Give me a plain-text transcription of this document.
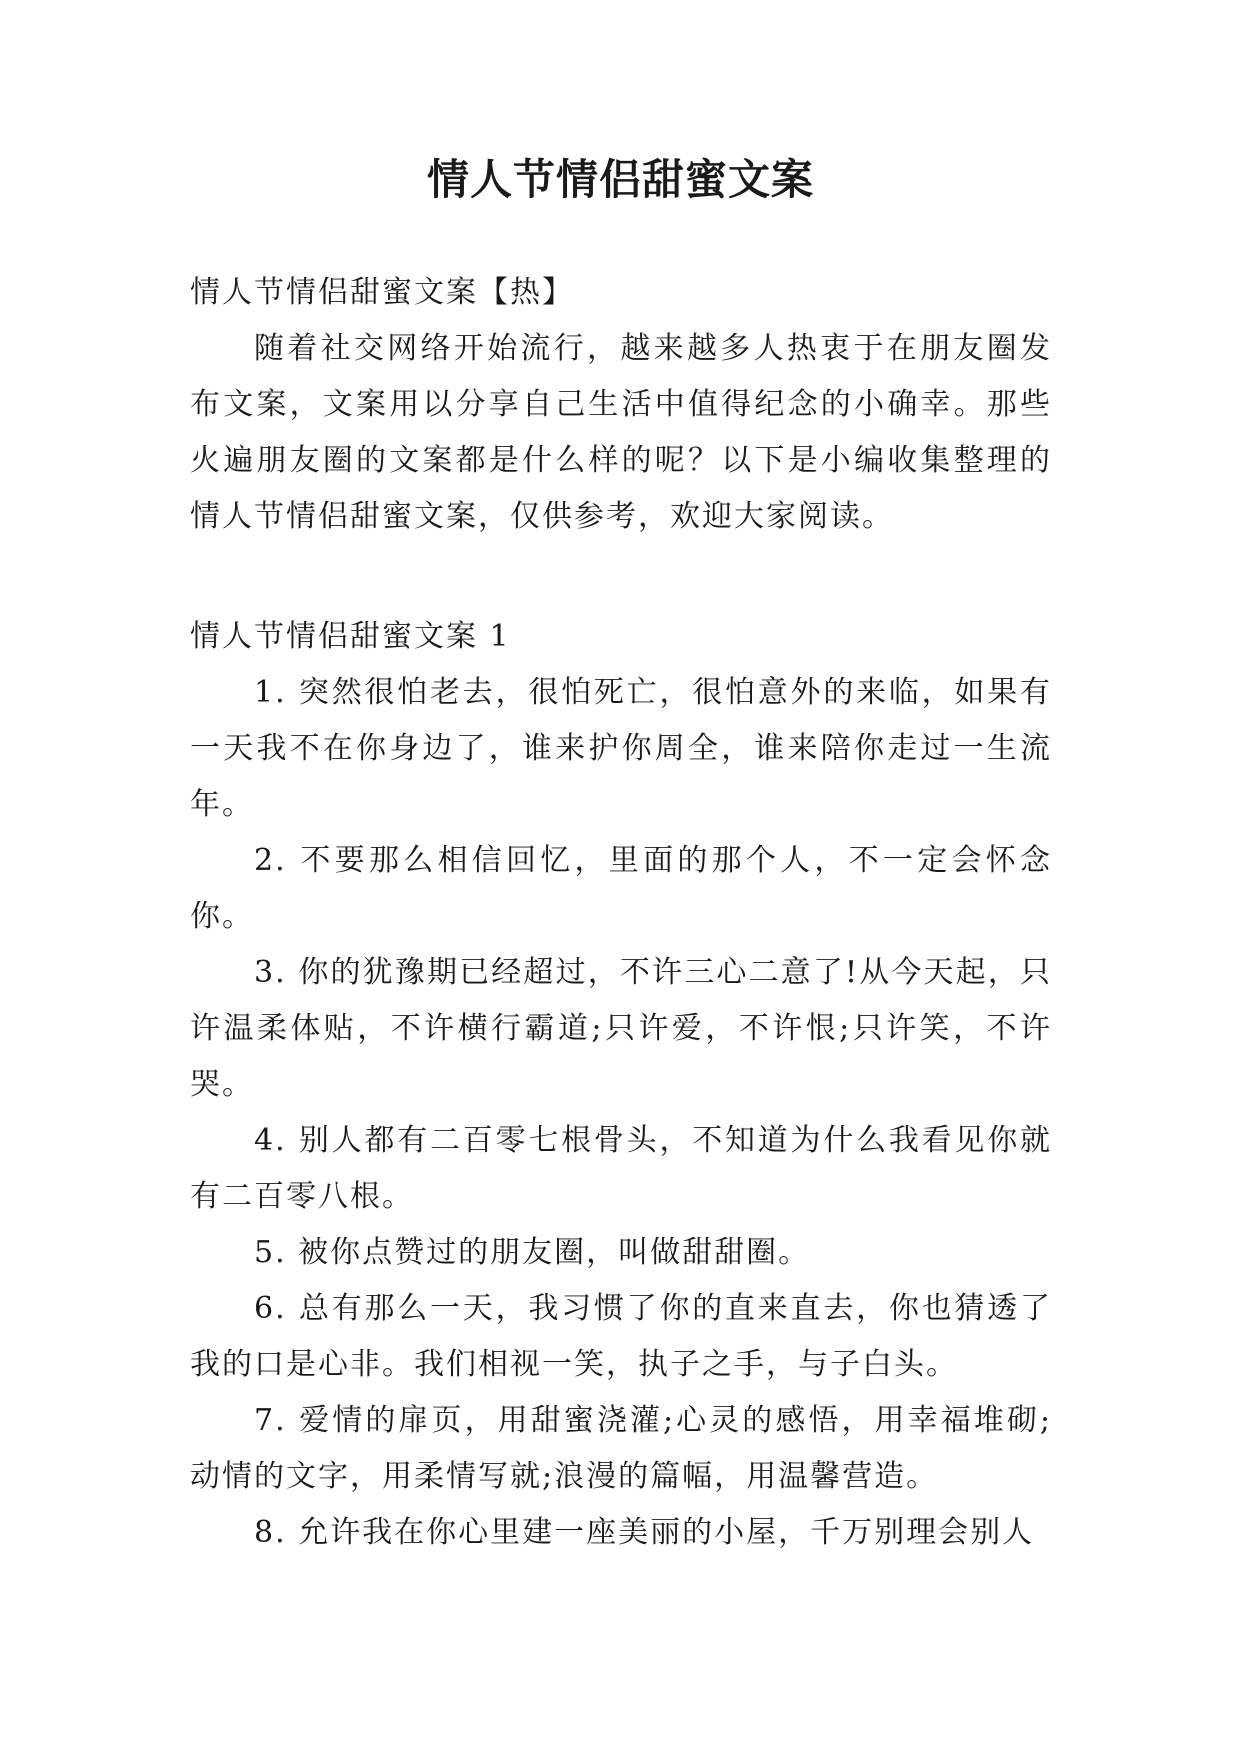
情人节情侣甜蜜文案

情人节情侣甜蜜文案【热】

随着社交网络开始流行，越来越多人热衷于在朋友圈发布文案，文案用以分享自己生活中值得纪念的小确幸。那些火遍朋友圈的文案都是什么样的呢？以下是小编收集整理的情人节情侣甜蜜文案，仅供参考，欢迎大家阅读。

情人节情侣甜蜜文案 1

1. 突然很怕老去，很怕死亡，很怕意外的来临，如果有一天我不在你身边了，谁来护你周全，谁来陪你走过一生流年。

2. 不要那么相信回忆，里面的那个人，不一定会怀念你。

3. 你的犹豫期已经超过，不许三心二意了!从今天起，只许温柔体贴，不许横行霸道;只许爱，不许恨;只许笑，不许哭。

4. 别人都有二百零七根骨头，不知道为什么我看见你就有二百零八根。

5. 被你点赞过的朋友圈，叫做甜甜圈。

6. 总有那么一天，我习惯了你的直来直去，你也猜透了我的口是心非。我们相视一笑，执子之手，与子白头。

7. 爱情的扉页，用甜蜜浇灌;心灵的感悟，用幸福堆砌;动情的文字，用柔情写就;浪漫的篇幅，用温馨营造。

8. 允许我在你心里建一座美丽的小屋，千万别理会别人
